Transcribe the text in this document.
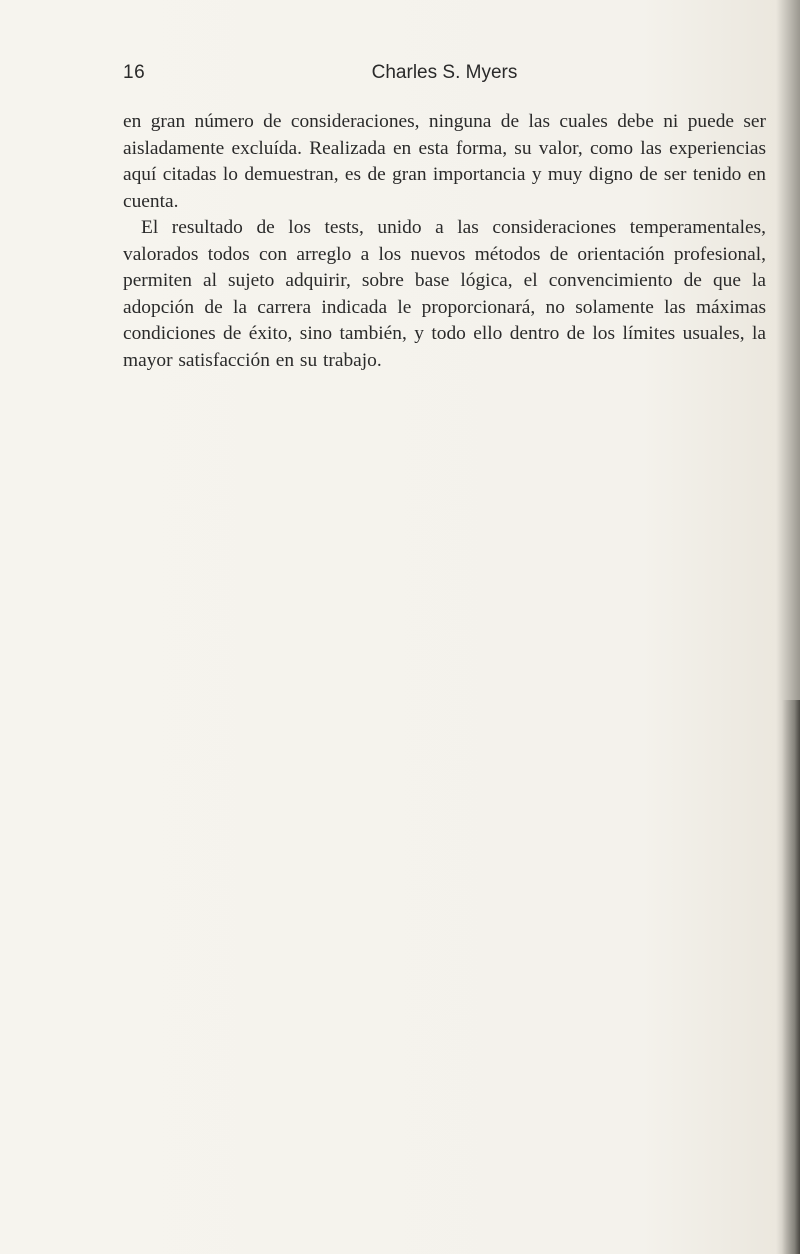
16	Charles S. Myers

en gran número de consideraciones, ninguna de las cuales debe ni puede ser aisladamente excluída. Realizada en esta forma, su valor, como las experiencias aquí citadas lo demuestran, es de gran importancia y muy digno de ser tenido en cuenta.

El resultado de los tests, unido a las consideraciones temperamentales, valorados todos con arreglo a los nuevos métodos de orientación profesional, permiten al sujeto adquirir, sobre base lógica, el convencimiento de que la adopción de la carrera indicada le proporcionará, no solamente las máximas condiciones de éxito, sino también, y todo ello dentro de los límites usuales, la mayor satisfacción en su trabajo.
